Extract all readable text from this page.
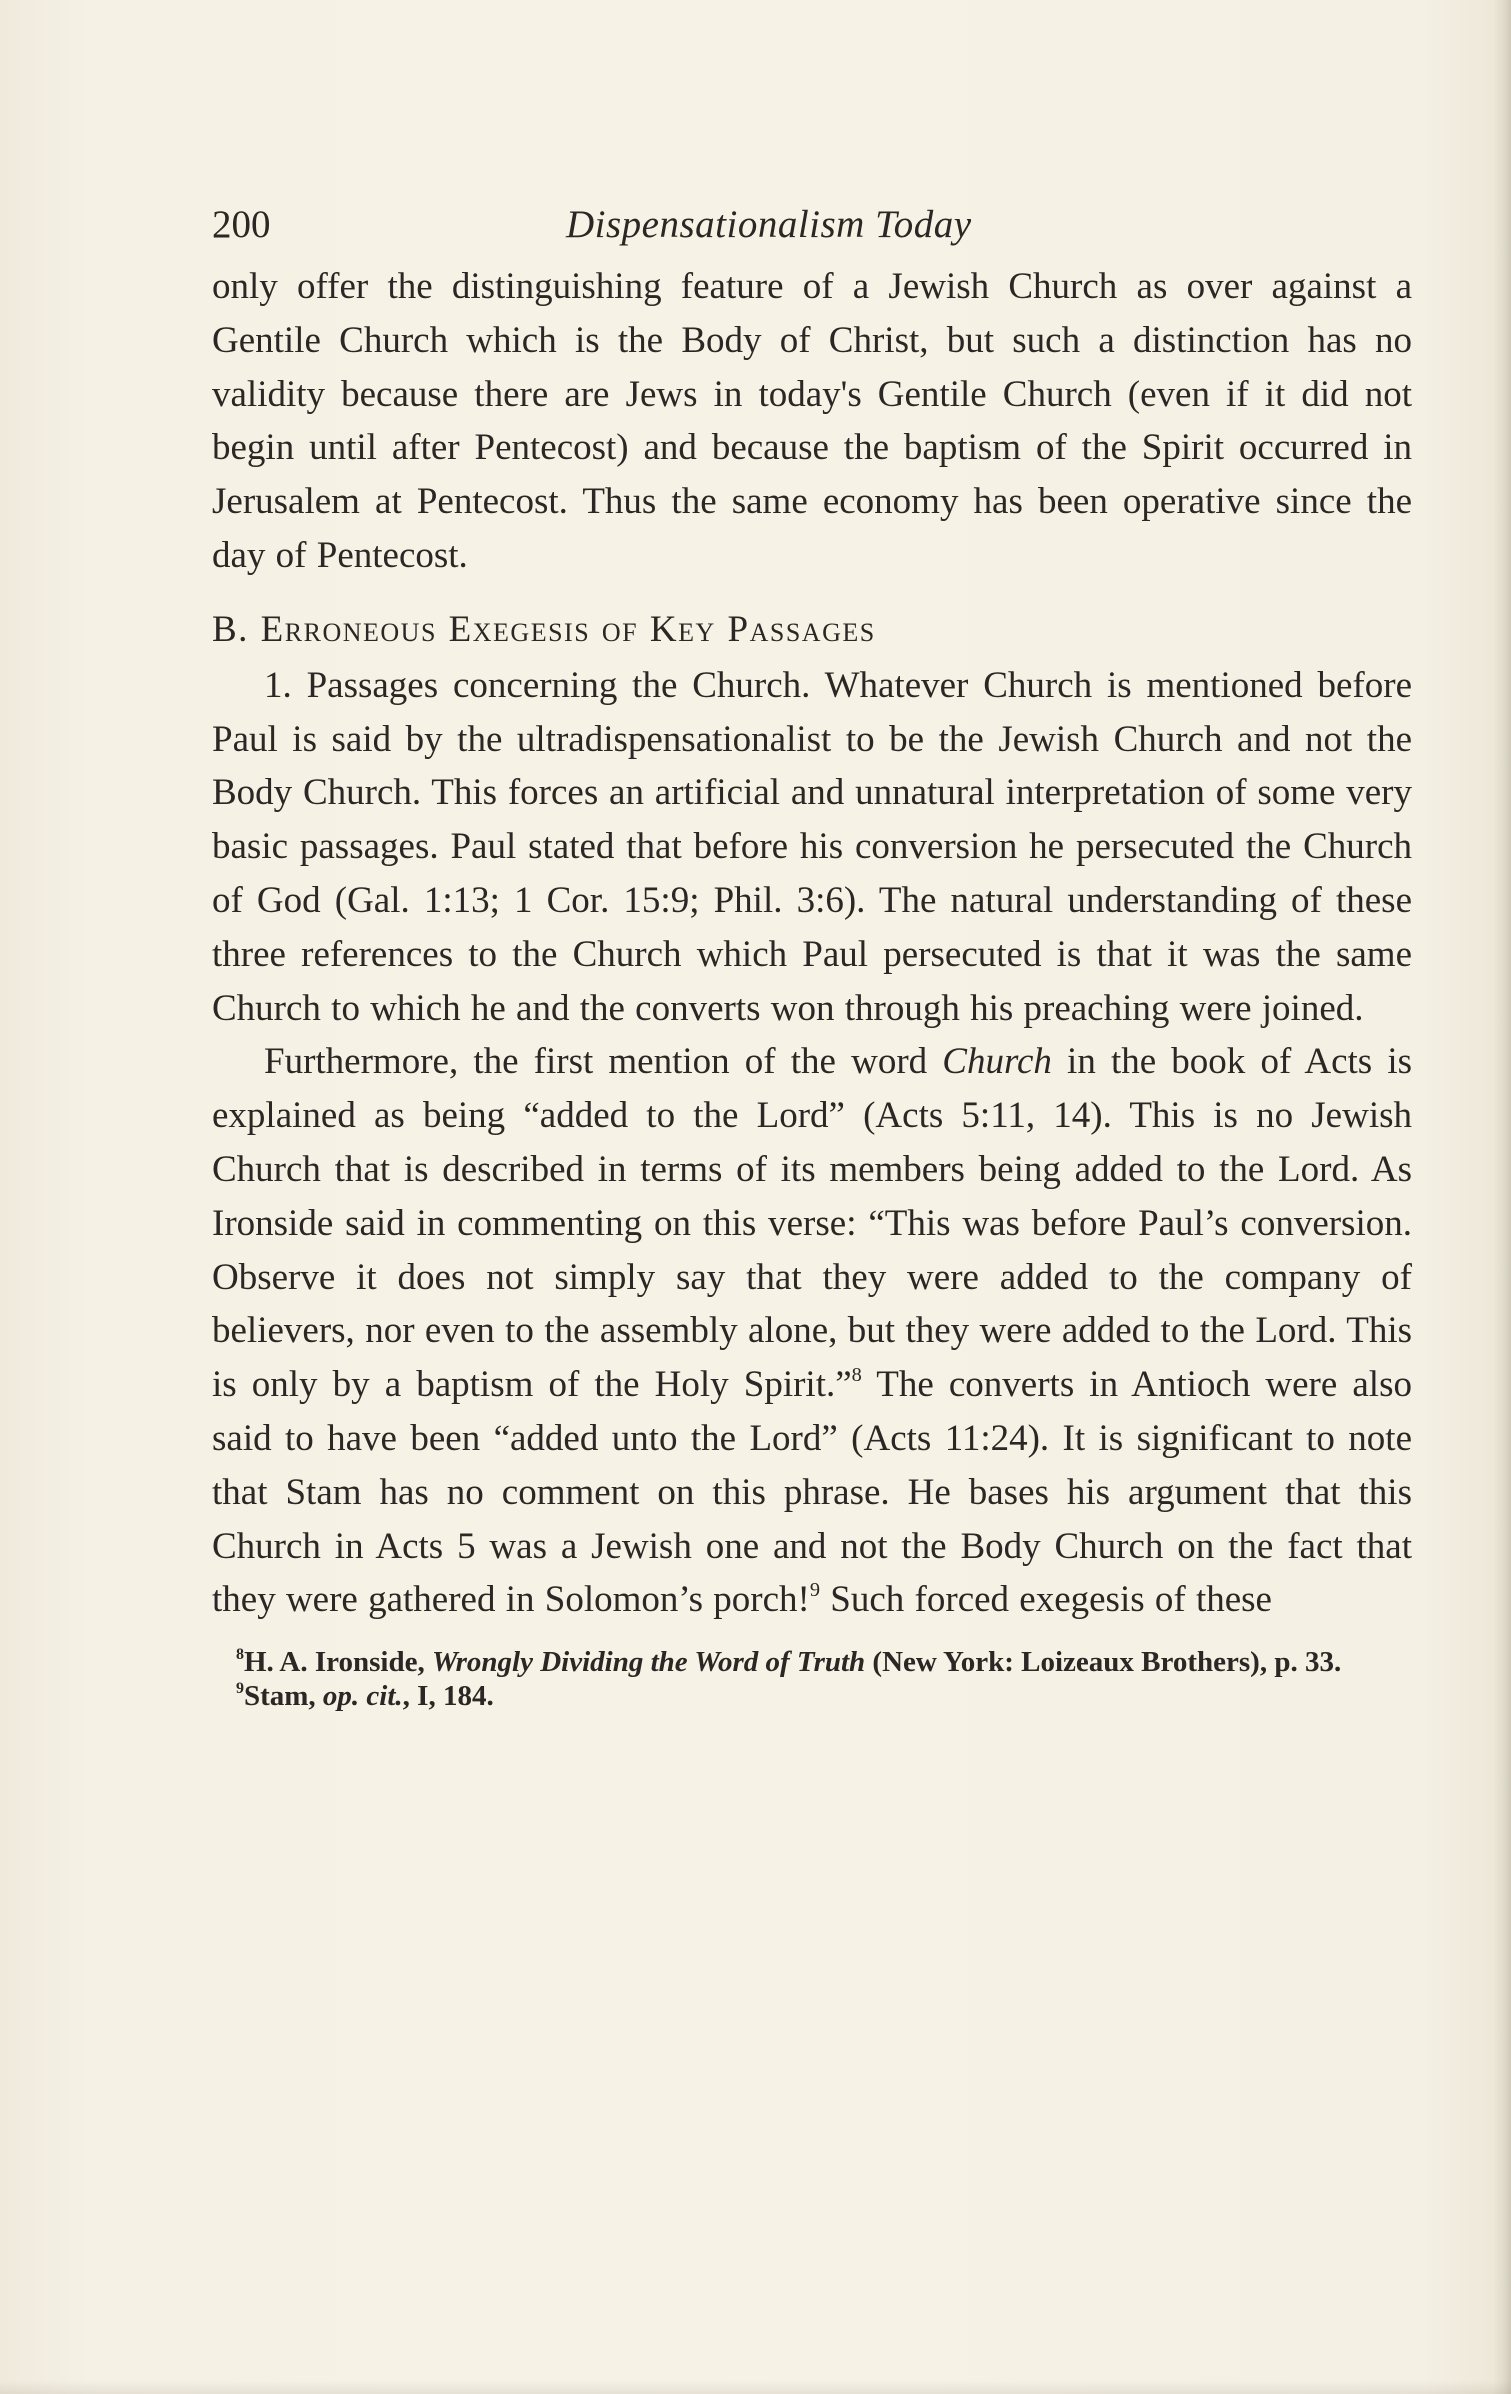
200	Dispensationalism Today

only offer the distinguishing feature of a Jewish Church as over against a Gentile Church which is the Body of Christ, but such a distinction has no validity because there are Jews in today's Gentile Church (even if it did not begin until after Pentecost) and because the baptism of the Spirit occurred in Jerusalem at Pentecost. Thus the same economy has been operative since the day of Pentecost.

B. Erroneous Exegesis of Key Passages

1. Passages concerning the Church. Whatever Church is mentioned before Paul is said by the ultradispensationalist to be the Jewish Church and not the Body Church. This forces an artificial and unnatural interpretation of some very basic passages. Paul stated that before his conversion he persecuted the Church of God (Gal. 1:13; 1 Cor. 15:9; Phil. 3:6). The natural understanding of these three references to the Church which Paul persecuted is that it was the same Church to which he and the converts won through his preaching were joined.

Furthermore, the first mention of the word Church in the book of Acts is explained as being “added to the Lord” (Acts 5:11, 14). This is no Jewish Church that is described in terms of its members being added to the Lord. As Ironside said in commenting on this verse: “This was before Paul’s conversion. Observe it does not simply say that they were added to the company of believers, nor even to the assembly alone, but they were added to the Lord. This is only by a baptism of the Holy Spirit.”$^8$ The converts in Antioch were also said to have been “added unto the Lord” (Acts 11:24). It is significant to note that Stam has no comment on this phrase. He bases his argument that this Church in Acts 5 was a Jewish one and not the Body Church on the fact that they were gathered in Solomon’s porch!$^9$ Such forced exegesis of these

$^8$H. A. Ironside, Wrongly Dividing the Word of Truth (New York: Loizeaux Brothers), p. 33.

$^9$Stam, op. cit., I, 184.
